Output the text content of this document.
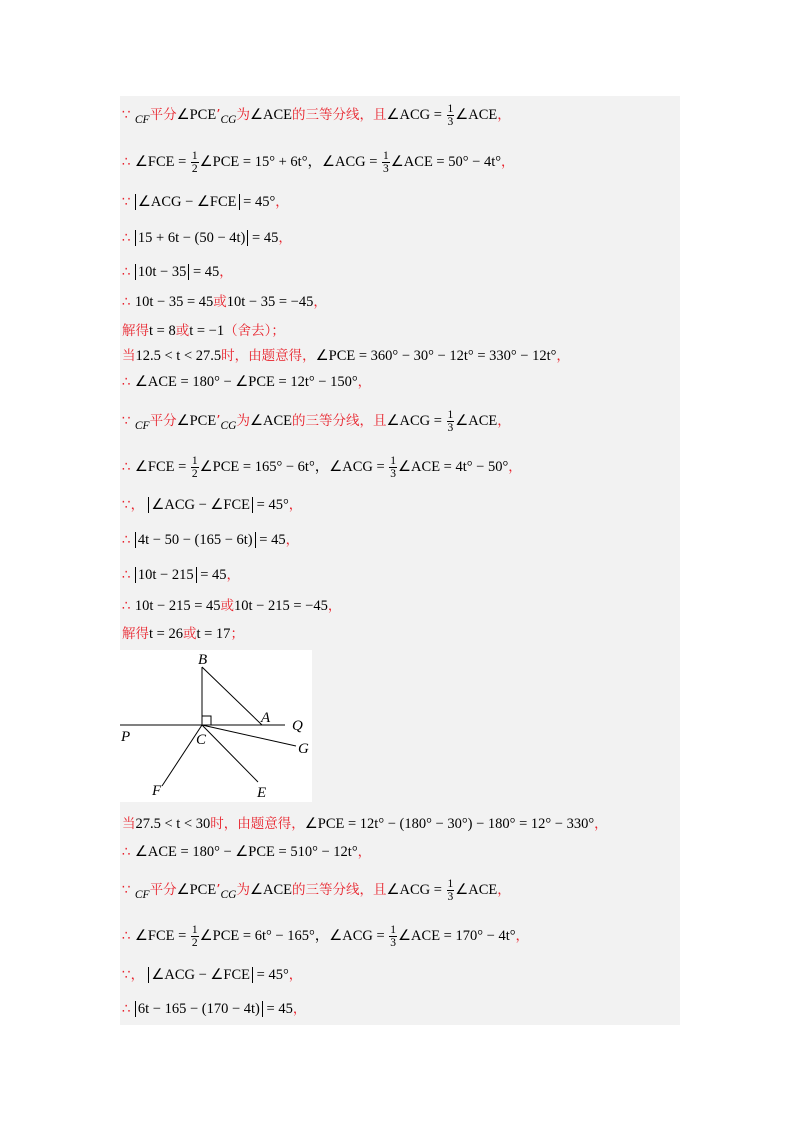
∵ $_{CF}$平分$\angle PCE’_{CG}$为∠ACE的三等分线，且∠ACG = $\frac{1}{3}$ ∠ACE，
∴ ∠FCE = $\frac{1}{2}$ ∠PCE = 15° + 6t°，∠ACG = $\frac{1}{3}$ ∠ACE = 50° − 4t°，
∵ ∠ACG − ∠FCE = 45°，
∴ 15 + 6t − (50 − 4t) = 45，
∴ 10t − 35 = 45，
∴ 10t − 35 = 45或10t − 35 = −45，
解得t = 8或t = −1（舍去）；
当12.5 < t < 27.5时，由题意得，∠PCE = 360° − 30° − 12t° = 330° − 12t°，
∴ ∠ACE = 180° − ∠PCE = 12t° − 150°，
∵ $_{CF}$平分$\angle PCE’_{CG}$为∠ACE的三等分线，且∠ACG = $\frac{1}{3}$ ∠ACE，
∴ ∠FCE = $\frac{1}{2}$ ∠PCE = 165° − 6t°，∠ACG = $\frac{1}{3}$ ∠ACE = 4t° − 50°，
∵， ∠ACG − ∠FCE = 45°，
∴ 4t − 50 − (165 − 6t) = 45，
∴ 10t − 215 = 45，
∴ 10t − 215 = 45或10t − 215 = −45，
解得t = 26或t = 17；
B
A Q
P	C
G
F	E
当27.5 < t < 30时，由题意得，∠PCE = 12t° − (180° − 30°) − 180° = 12° − 330°，
∴ ∠ACE = 180° − ∠PCE = 510° − 12t°，
∵ $_{CF}$平分$\angle PCE’_{CG}$为∠ACE的三等分线，且∠ACG = $\frac{1}{3}$ ∠ACE，
∴ ∠FCE = $\frac{1}{2}$ ∠PCE = 6t° − 165°，∠ACG = $\frac{1}{3}$ ∠ACE = 170° − 4t°，
∵， ∠ACG − ∠FCE = 45°，
∴ 6t − 165 − (170 − 4t) = 45，
